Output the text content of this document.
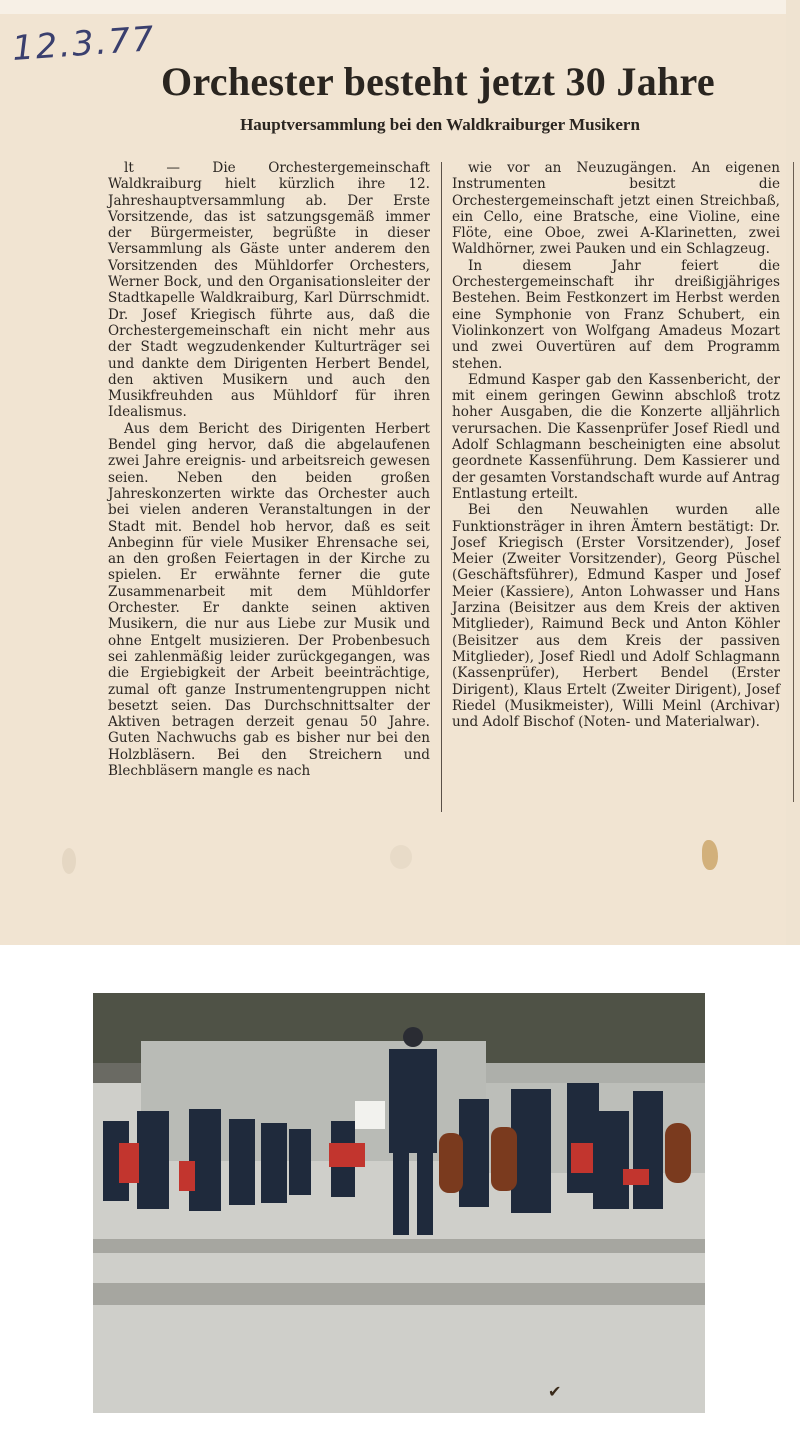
12.3.77
Orchester besteht jetzt 30 Jahre
Hauptversammlung bei den Waldkraiburger Musikern

lt — Die Orchestergemeinschaft Waldkraiburg hielt kürzlich ihre 12. Jahreshauptversammlung ab. Der Erste Vorsitzende, das ist satzungsgemäß immer der Bürgermeister, begrüßte in dieser Versammlung als Gäste unter anderem den Vorsitzenden des Mühldorfer Orchesters, Werner Bock, und den Organisationsleiter der Stadtkapelle Waldkraiburg, Karl Dürrschmidt. Dr. Josef Kriegisch führte aus, daß die Orchestergemeinschaft ein nicht mehr aus der Stadt wegzudenkender Kulturträger sei und dankte dem Dirigenten Herbert Bendel, den aktiven Musikern und auch den Musikfreuhden aus Mühldorf für ihren Idealismus.

Aus dem Bericht des Dirigenten Herbert Bendel ging hervor, daß die abgelaufenen zwei Jahre ereignis- und arbeitsreich gewesen seien. Neben den beiden großen Jahreskonzerten wirkte das Orchester auch bei vielen anderen Veranstaltungen in der Stadt mit. Bendel hob hervor, daß es seit Anbeginn für viele Musiker Ehrensache sei, an den großen Feiertagen in der Kirche zu spielen. Er erwähnte ferner die gute Zusammenarbeit mit dem Mühldorfer Orchester. Er dankte seinen aktiven Musikern, die nur aus Liebe zur Musik und ohne Entgelt musizieren. Der Probenbesuch sei zahlenmäßig leider zurückgegangen, was die Ergiebigkeit der Arbeit beeinträchtige, zumal oft ganze Instrumentengruppen nicht besetzt seien. Das Durchschnittsalter der Aktiven betragen derzeit genau 50 Jahre. Guten Nachwuchs gab es bisher nur bei den Holzbläsern. Bei den Streichern und Blechbläsern mangle es nach

wie vor an Neuzugängen. An eigenen Instrumenten besitzt die Orchestergemeinschaft jetzt einen Streichbaß, ein Cello, eine Bratsche, eine Violine, eine Flöte, eine Oboe, zwei A-Klarinetten, zwei Waldhörner, zwei Pauken und ein Schlagzeug.

In diesem Jahr feiert die Orchestergemeinschaft ihr dreißigjähriges Bestehen. Beim Festkonzert im Herbst werden eine Symphonie von Franz Schubert, ein Violinkonzert von Wolfgang Amadeus Mozart und zwei Ouvertüren auf dem Programm stehen.

Edmund Kasper gab den Kassenbericht, der mit einem geringen Gewinn abschloß trotz hoher Ausgaben, die die Konzerte alljährlich verursachen. Die Kassenprüfer Josef Riedl und Adolf Schlagmann bescheinigten eine absolut geordnete Kassenführung. Dem Kassierer und der gesamten Vorstandschaft wurde auf Antrag Entlastung erteilt.

Bei den Neuwahlen wurden alle Funktionsträger in ihren Ämtern bestätigt: Dr. Josef Kriegisch (Erster Vorsitzender), Josef Meier (Zweiter Vorsitzender), Georg Püschel (Geschäftsführer), Edmund Kasper und Josef Meier (Kassiere), Anton Lohwasser und Hans Jarzina (Beisitzer aus dem Kreis der aktiven Mitglieder), Raimund Beck und Anton Köhler (Beisitzer aus dem Kreis der passiven Mitglieder), Josef Riedl und Adolf Schlagmann (Kassenprüfer), Herbert Bendel (Erster Dirigent), Klaus Ertelt (Zweiter Dirigent), Josef Riedel (Musikmeister), Willi Meinl (Archivar) und Adolf Bischof (Noten- und Materialwar).

✔
